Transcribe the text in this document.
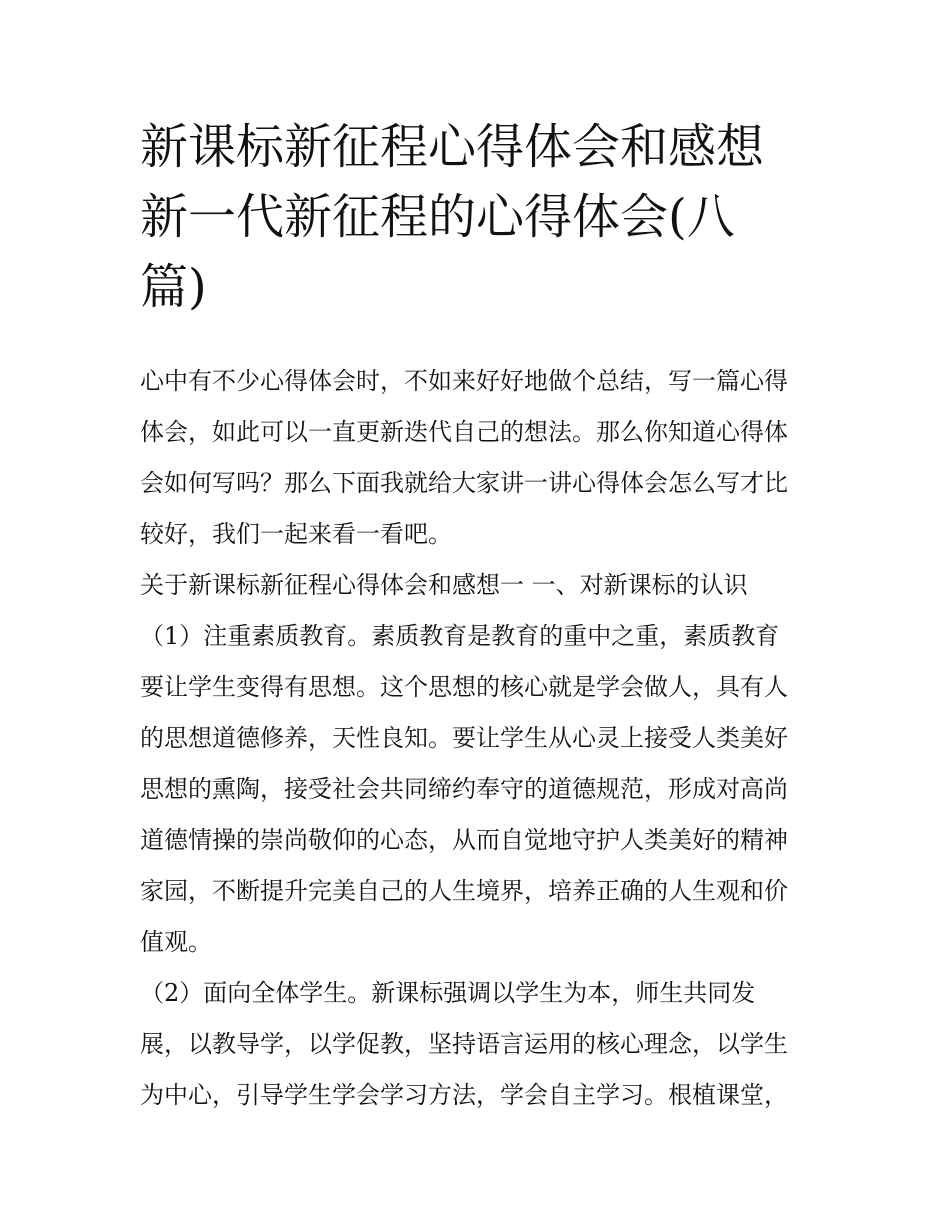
新课标新征程心得体会和感想
新一代新征程的心得体会(八
篇)
心中有不少心得体会时，不如来好好地做个总结，写一篇心得
体会，如此可以一直更新迭代自己的想法。那么你知道心得体
会如何写吗？那么下面我就给大家讲一讲心得体会怎么写才比
较好，我们一起来看一看吧。
关于新课标新征程心得体会和感想一 一、对新课标的认识
（1）注重素质教育。素质教育是教育的重中之重，素质教育
要让学生变得有思想。这个思想的核心就是学会做人，具有人
的思想道德修养，天性良知。要让学生从心灵上接受人类美好
思想的熏陶，接受社会共同缔约奉守的道德规范，形成对高尚
道德情操的崇尚敬仰的心态，从而自觉地守护人类美好的精神
家园，不断提升完美自己的人生境界，培养正确的人生观和价
值观。
（2）面向全体学生。新课标强调以学生为本，师生共同发
展，以教导学，以学促教，坚持语言运用的核心理念，以学生
为中心，引导学生学会学习方法，学会自主学习。根植课堂，
